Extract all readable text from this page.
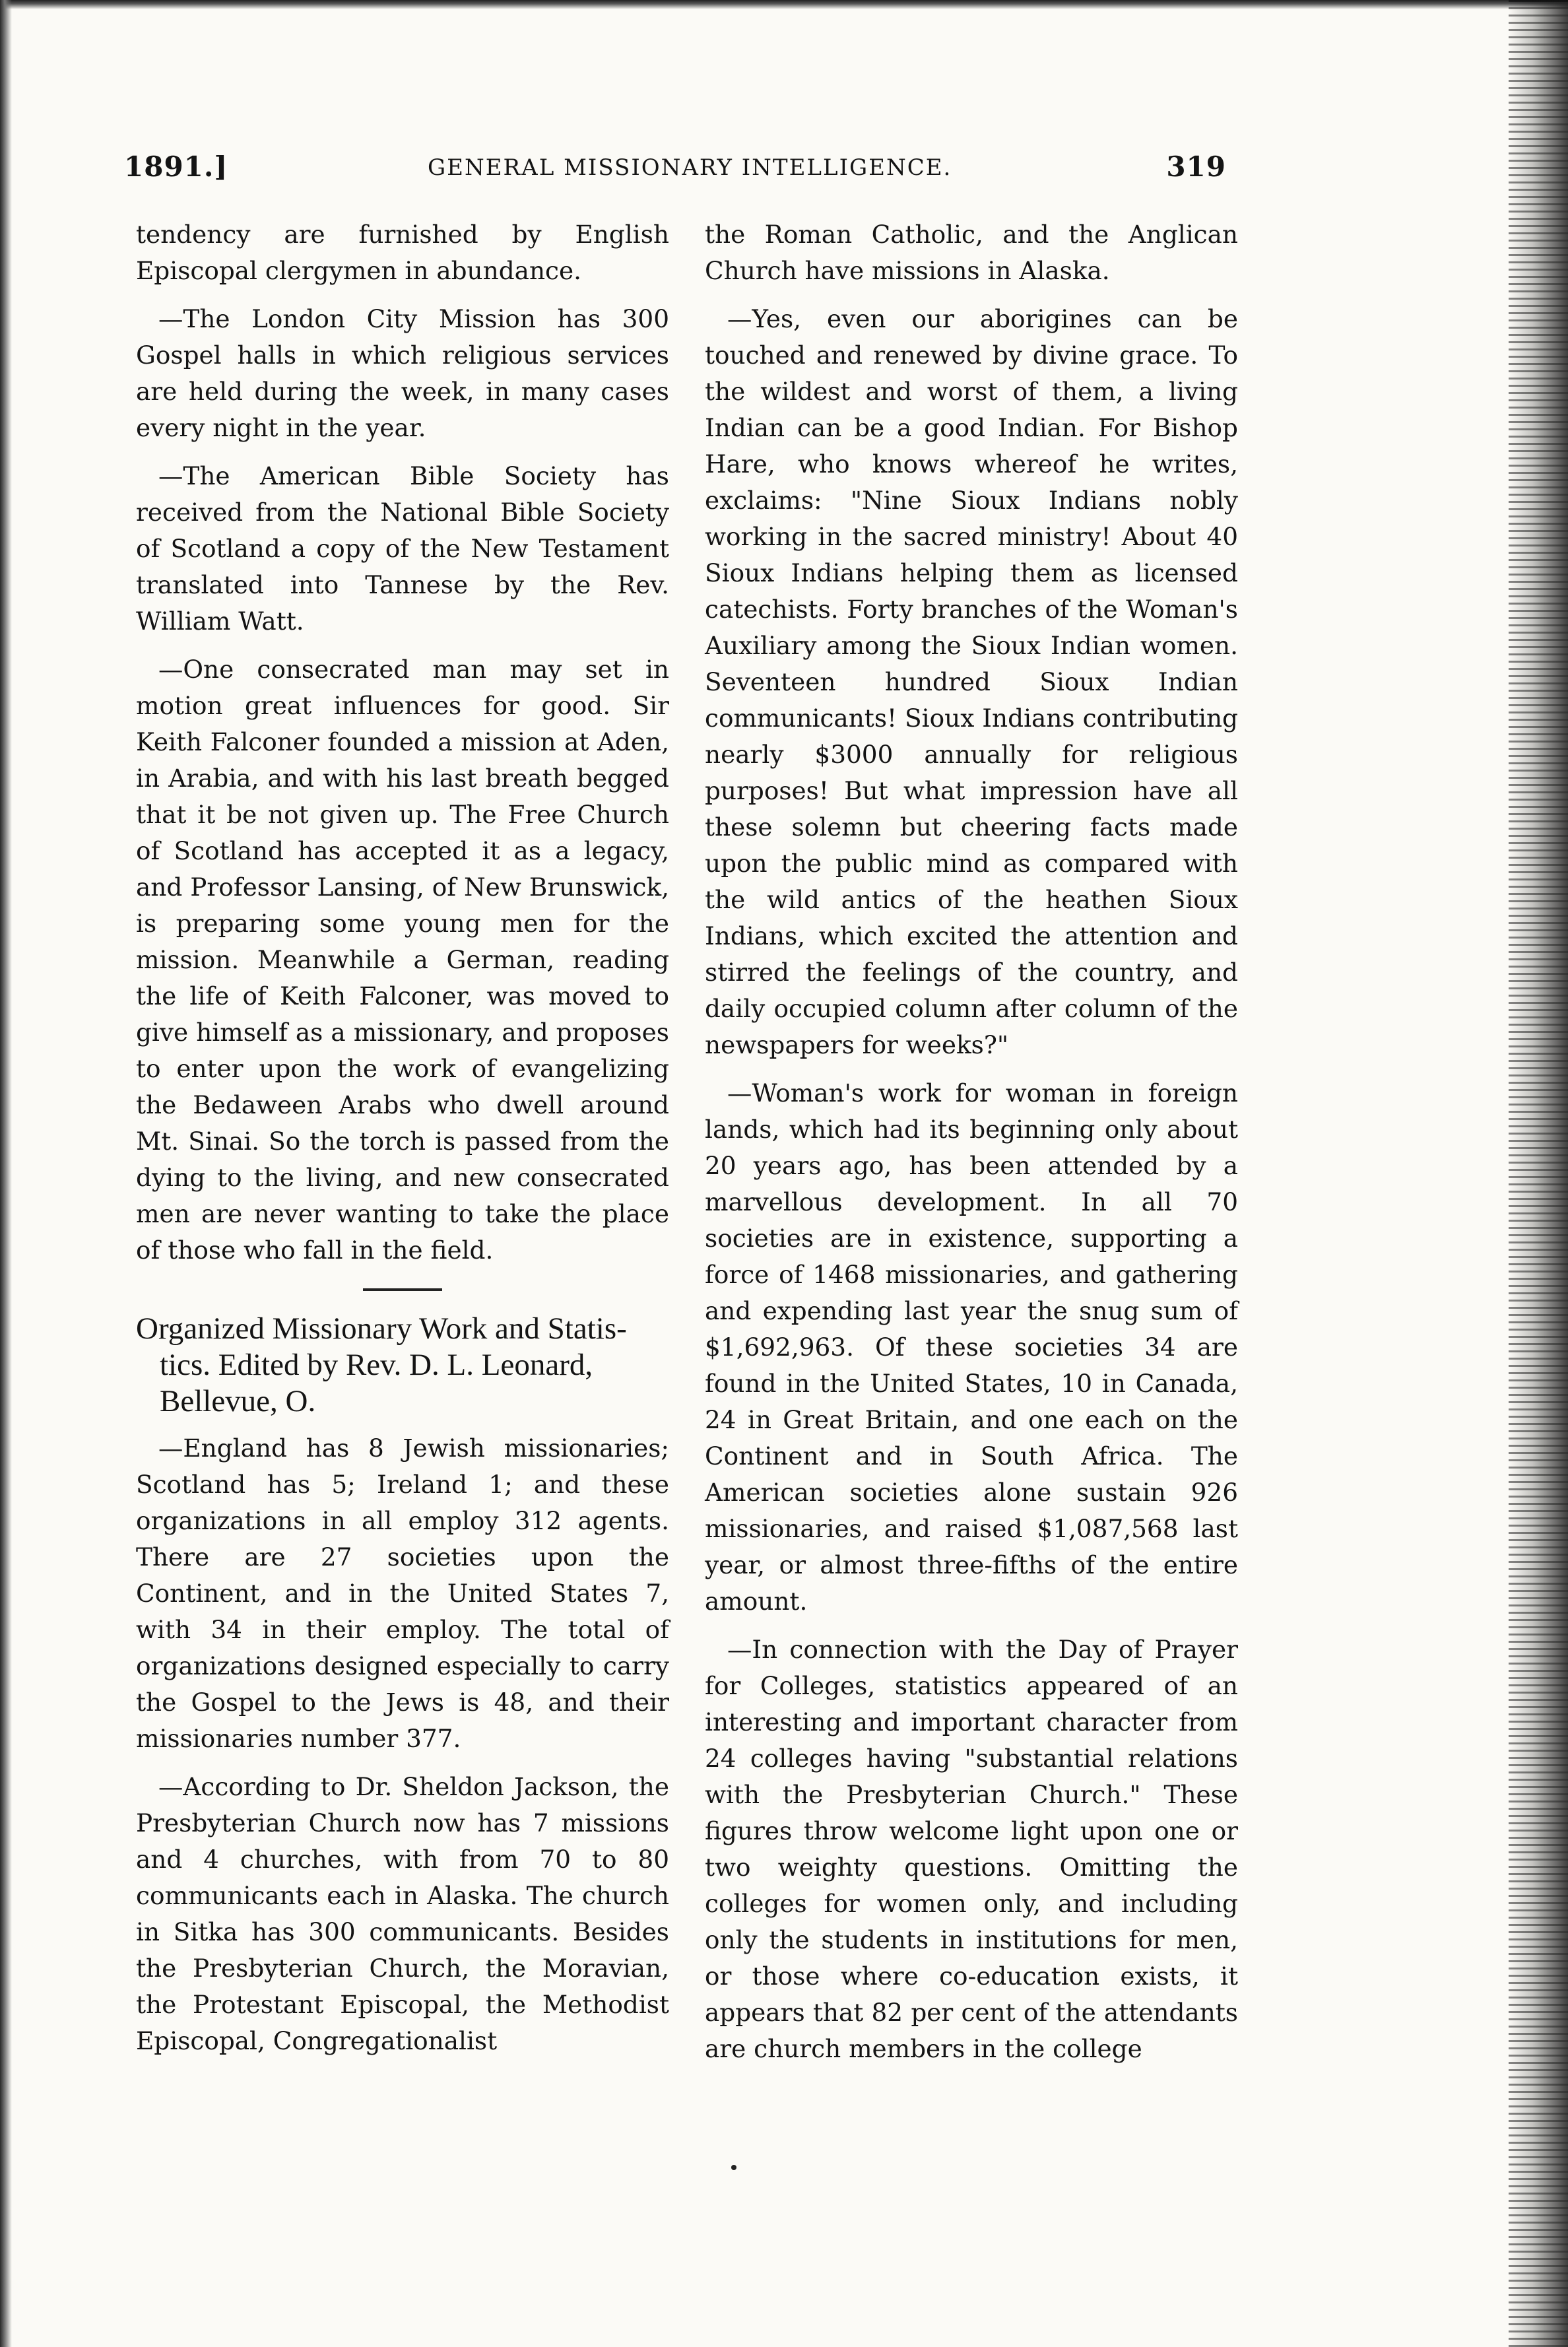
1891.]	GENERAL MISSIONARY INTELLIGENCE.	319

tendency are furnished by English Episcopal clergymen in abundance.

—The London City Mission has 300 Gospel halls in which religious services are held during the week, in many cases every night in the year.

—The American Bible Society has received from the National Bible Society of Scotland a copy of the New Testament translated into Tannese by the Rev. William Watt.

—One consecrated man may set in motion great influences for good. Sir Keith Falconer founded a mission at Aden, in Arabia, and with his last breath begged that it be not given up. The Free Church of Scotland has accepted it as a legacy, and Professor Lansing, of New Brunswick, is preparing some young men for the mission. Meanwhile a German, reading the life of Keith Falconer, was moved to give himself as a missionary, and proposes to enter upon the work of evangelizing the Bedaween Arabs who dwell around Mt. Sinai. So the torch is passed from the dying to the living, and new consecrated men are never wanting to take the place of those who fall in the field.

Organized Missionary Work and Statis-
tics. Edited by Rev. D. L. Leonard,
Bellevue, O.

—England has 8 Jewish missionaries; Scotland has 5; Ireland 1; and these organizations in all employ 312 agents. There are 27 societies upon the Continent, and in the United States 7, with 34 in their employ. The total of organizations designed especially to carry the Gospel to the Jews is 48, and their missionaries number 377.

—According to Dr. Sheldon Jackson, the Presbyterian Church now has 7 missions and 4 churches, with from 70 to 80 communicants each in Alaska. The church in Sitka has 300 communicants. Besides the Presbyterian Church, the Moravian, the Protestant Episcopal, the Methodist Episcopal, Congregationalist

the Roman Catholic, and the Anglican Church have missions in Alaska.

—Yes, even our aborigines can be touched and renewed by divine grace. To the wildest and worst of them, a living Indian can be a good Indian. For Bishop Hare, who knows whereof he writes, exclaims: "Nine Sioux Indians nobly working in the sacred ministry! About 40 Sioux Indians helping them as licensed catechists. Forty branches of the Woman's Auxiliary among the Sioux Indian women. Seventeen hundred Sioux Indian communicants! Sioux Indians contributing nearly $3000 annually for religious purposes! But what impression have all these solemn but cheering facts made upon the public mind as compared with the wild antics of the heathen Sioux Indians, which excited the attention and stirred the feelings of the country, and daily occupied column after column of the newspapers for weeks?"

—Woman's work for woman in foreign lands, which had its beginning only about 20 years ago, has been attended by a marvellous development. In all 70 societies are in existence, supporting a force of 1468 missionaries, and gathering and expending last year the snug sum of $1,692,963. Of these societies 34 are found in the United States, 10 in Canada, 24 in Great Britain, and one each on the Continent and in South Africa. The American societies alone sustain 926 missionaries, and raised $1,087,568 last year, or almost three-fifths of the entire amount.

—In connection with the Day of Prayer for Colleges, statistics appeared of an interesting and important character from 24 colleges having "substantial relations with the Presbyterian Church." These figures throw welcome light upon one or two weighty questions. Omitting the colleges for women only, and including only the students in institutions for men, or those where co-education exists, it appears that 82 per cent of the attendants are church members in the college
